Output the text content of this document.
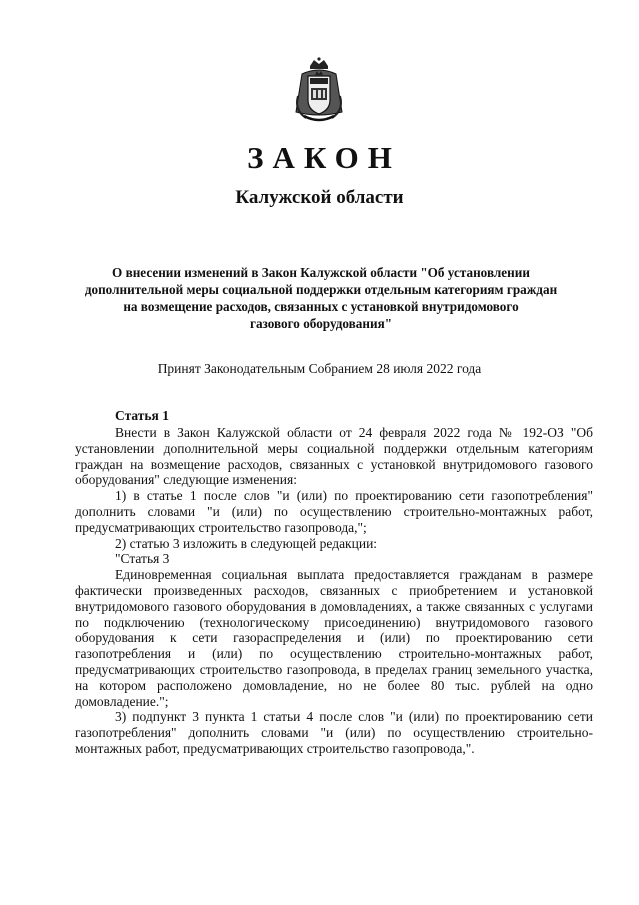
ЗАКОН
Калужской области
О внесении изменений в Закон Калужской области "Об установлении
дополнительной меры социальной поддержки отдельным категориям граждан
на возмещение расходов, связанных с установкой внутридомового
газового оборудования"
Принят Законодательным Собранием 28 июля 2022 года
Статья 1

Внести в Закон Калужской области от 24 февраля 2022 года № 192-ОЗ "Об установлении дополнительной меры социальной поддержки отдельным категориям граждан на возмещение расходов, связанных с установкой внутридомового газового оборудования" следующие изменения:

1) в статье 1 после слов "и (или) по проектированию сети газопотребления" дополнить словами "и (или) по осуществлению строительно-монтажных работ, предусматривающих строительство газопровода,";

2) статью 3 изложить в следующей редакции:

"Статья 3

Единовременная социальная выплата предоставляется гражданам в размере фактически произведенных расходов, связанных с приобретением и установкой внутридомового газового оборудования в домовладениях, а также связанных с услугами по подключению (технологическому присоединению) внутридомового газового оборудования к сети газораспределения и (или) по проектированию сети газопотребления и (или) по осуществлению строительно-монтажных работ, предусматривающих строительство газопровода, в пределах границ земельного участка, на котором расположено домовладение, но не более 80 тыс. рублей на одно домовладение.";

3) подпункт 3 пункта 1 статьи 4 после слов "и (или) по проектированию сети газопотребления" дополнить словами "и (или) по осуществлению строительно-монтажных работ, предусматривающих строительство газопровода,".
